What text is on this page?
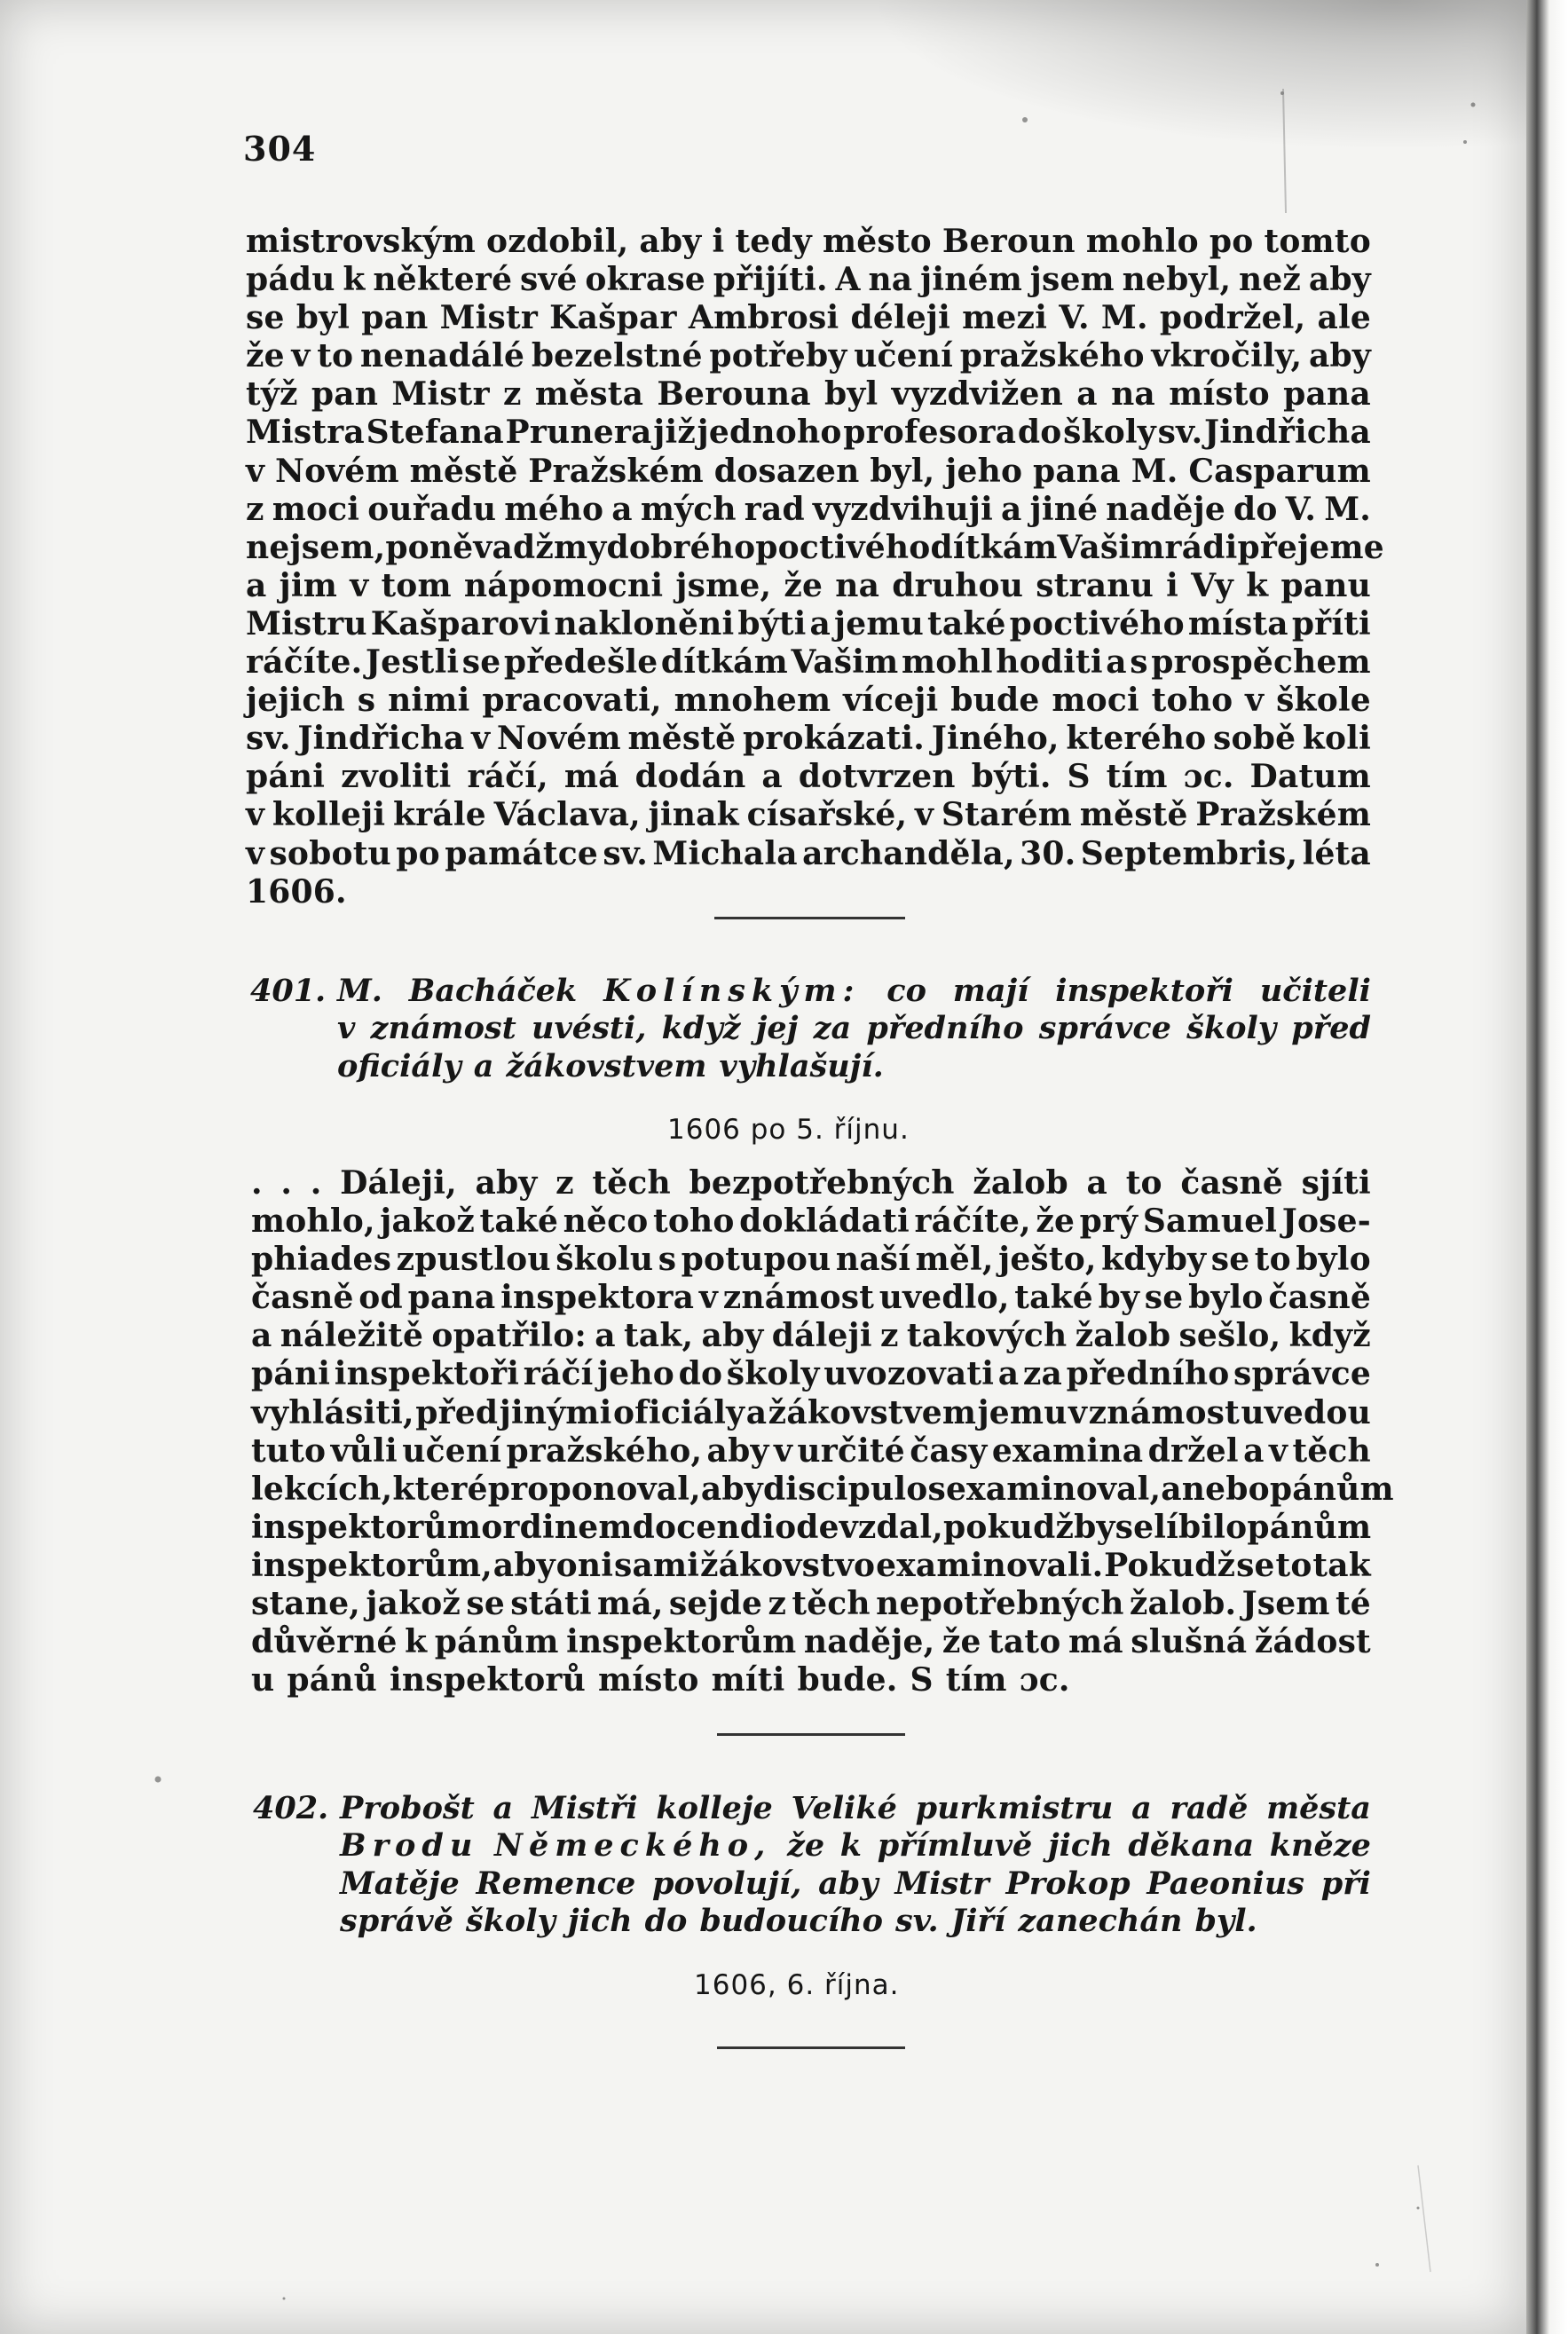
304
mistrovským ozdobil, aby i tedy město Beroun mohlo po tomto
pádu k některé své okrase přijíti. A na jiném jsem nebyl, než aby
se byl pan Mistr Kašpar Ambrosi déleji mezi V. M. podržel, ale
že v to nenadálé bezelstné potřeby učení pražského vkročily, aby
týž pan Mistr z města Berouna byl vyzdvižen a na místo pana
Mistra Stefana Prunera již jednoho profesora do školy sv. Jindřicha
v Novém městě Pražském dosazen byl, jeho pana M. Casparum
z moci ouřadu mého a mých rad vyzdvihuji a jiné naděje do V. M.
nejsem, poněvadž my dobrého poctivého dítkám Vašim rádi přejeme
a jim v tom nápomocni jsme, že na druhou stranu i Vy k panu
Mistru Kašparovi nakloněni býti a jemu také poctivého místa příti
ráčíte. Jestli se předešle dítkám Vašim mohl hoditi a s prospěchem
jejich s nimi pracovati, mnohem víceji bude moci toho v škole
sv. Jindřicha v Novém městě prokázati. Jiného, kterého sobě koli
páni zvoliti ráčí, má dodán a dotvrzen býti. S tím ɔc. Datum
v kolleji krále Václava, jinak císařské, v Starém městě Pražském
v sobotu po památce sv. Michala archanděla, 30. Septembris, léta
1606.
401. M. Bacháček Kolínským: co mají inspektoři učiteli
v známost uvésti, když jej za předního správce školy před
oficiály a žákovstvem vyhlašují.
1606 po 5. říjnu.
. . . Dáleji, aby z těch bezpotřebných žalob a to časně sjíti
mohlo, jakož také něco toho dokládati ráčíte, že prý Samuel Jose-
phiades zpustlou školu s potupou naší měl, ješto, kdyby se to bylo
časně od pana inspektora v známost uvedlo, také by se bylo časně
a náležitě opatřilo: a tak, aby dáleji z takových žalob sešlo, když
páni inspektoři ráčí jeho do školy uvozovati a za předního správce
vyhlásiti, před jinými oficiály a žákovstvem jemu v známost uvedou
tuto vůli učení pražského, aby v určité časy examina držel a v těch
lekcích, které proponoval, aby discipulos examinoval, anebo pánům
inspektorům ordinem docendi odevzdal, pokudž by se líbilo pánům
inspektorům, aby oni sami žákovstvo examinovali. Pokudž se to tak
stane, jakož se státi má, sejde z těch nepotřebných žalob. Jsem té
důvěrné k pánům inspektorům naděje, že tato má slušná žádost
u pánů inspektorů místo míti bude. S tím ɔc.
402. Probošt a Mistři kolleje Veliké purkmistru a radě města
Brodu Německého, že k přímluvě jich děkana kněze
Matěje Remence povolují, aby Mistr Prokop Paeonius při
správě školy jich do budoucího sv. Jiří zanechán byl.
1606, 6. října.
